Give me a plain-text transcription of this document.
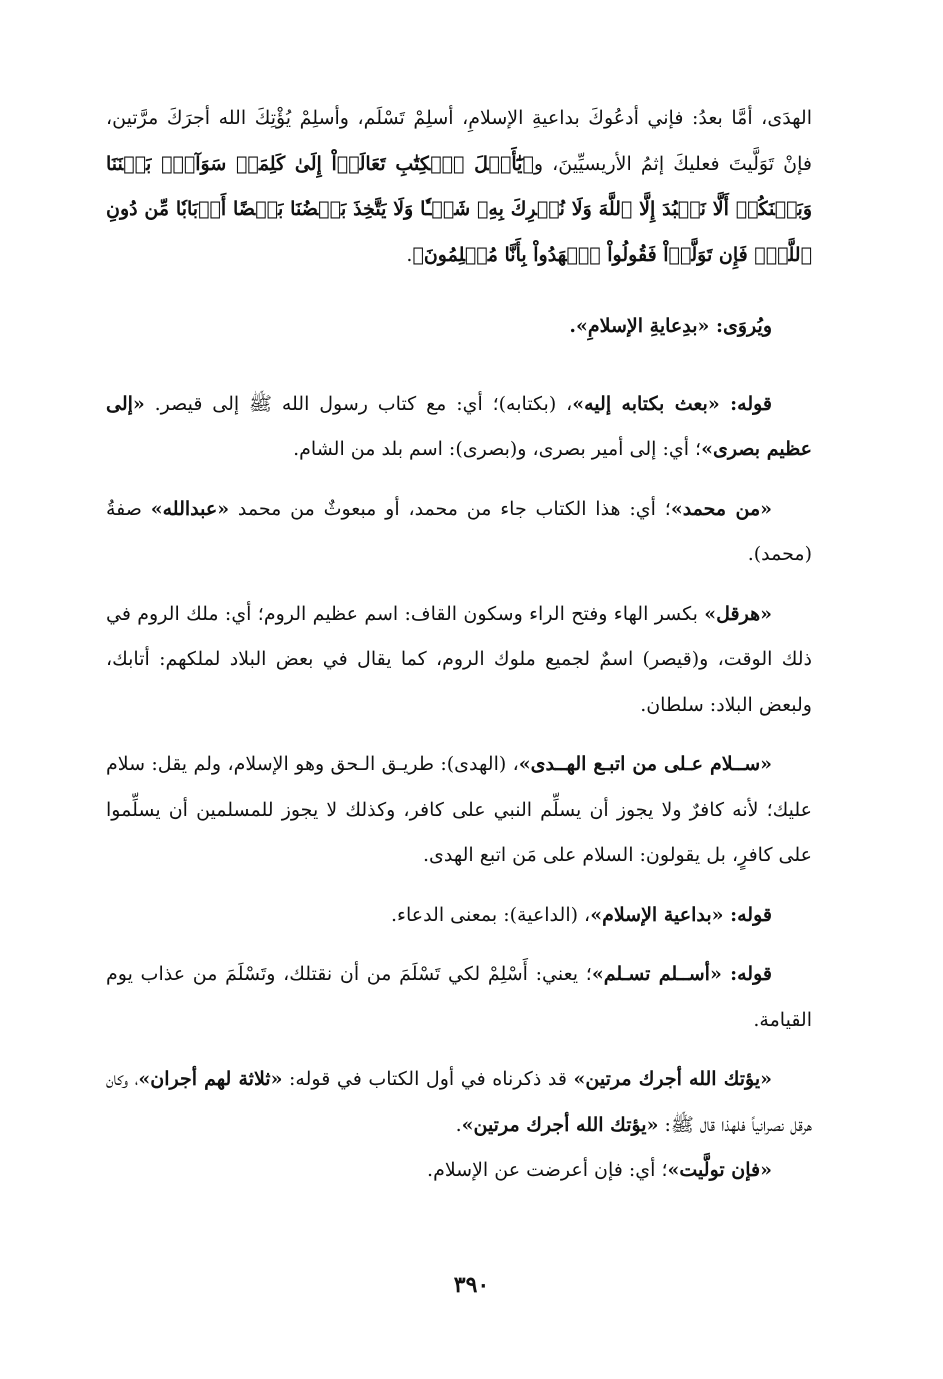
الهدَى، أمَّا بعدُ: فإني أدعُوكَ بداعيةِ الإسلامِ، أسلِمْ تَسْلَم، وأسلِمْ يُؤْتِكَ الله أجرَكَ مرَّتين، فإنْ تَوَلَّيتَ فعليكَ إثمُ الأريسيِّينَ، و﴿يَٰٓأَهۡلَ ٱلۡكِتَٰبِ تَعَالَوۡاْ إِلَىٰ كَلِمَةٖ سَوَآءِۭ بَيۡنَنَا وَبَيۡنَكُمۡ أَلَّا نَعۡبُدَ إِلَّا ٱللَّهَ وَلَا نُشۡرِكَ بِهِۦ شَيۡـٔٗا وَلَا يَتَّخِذَ بَعۡضُنَا بَعۡضًا أَرۡبَابٗا مِّن دُونِ ٱللَّهِۚ فَإِن تَوَلَّوۡاْ فَقُولُواْ ٱشۡهَدُواْ بِأَنَّا مُسۡلِمُونَ﴾.

ويُروَى: «بدِعايةِ الإسلامِ».

قوله: «بعث بكتابه إليه»، (بكتابه)؛ أي: مع كتاب رسول الله ﷺ إلى قيصر. «إلى عظيم بصرى»؛ أي: إلى أمير بصرى، و(بصرى): اسم بلد من الشام.

«من محمد»؛ أي: هذا الكتاب جاء من محمد، أو مبعوثٌ من محمد «عبدالله» صفةُ (محمد).

«هرقل» بكسر الهاء وفتح الراء وسكون القاف: اسم عظيم الروم؛ أي: ملك الروم في ذلك الوقت، و(قيصر) اسمٌ لجميع ملوك الروم، كما يقال في بعض البلاد لملكهم: أتابك، ولبعض البلاد: سلطان.

«ســلام عـلى من اتبـع الهــدى»، (الهدى): طريـق الـحق وهو الإسلام، ولم يقل: سلام عليك؛ لأنه كافرٌ ولا يجوز أن يسلِّم النبي على كافر، وكذلك لا يجوز للمسلمين أن يسلِّموا على كافرٍ، بل يقولون: السلام على مَن اتبع الهدى.

قوله: «بداعية الإسلام»، (الداعية): بمعنى الدعاء.

قوله: «أســلم تسـلم»؛ يعني: أَسْلِمْ لكي تَسْلَمَ من أن نقتلك، وتَسْلَمَ من عذاب يوم القيامة.

«يؤتك الله أجرك مرتين» قد ذكرناه في أول الكتاب في قوله: «ثلاثة لهم أجران»، وكان هرقل نصرانياً فلهذا قال ﷺ: «يؤتك الله أجرك مرتين».

«فإن تولَّيت»؛ أي: فإن أعرضت عن الإسلام.

٣٩٠
